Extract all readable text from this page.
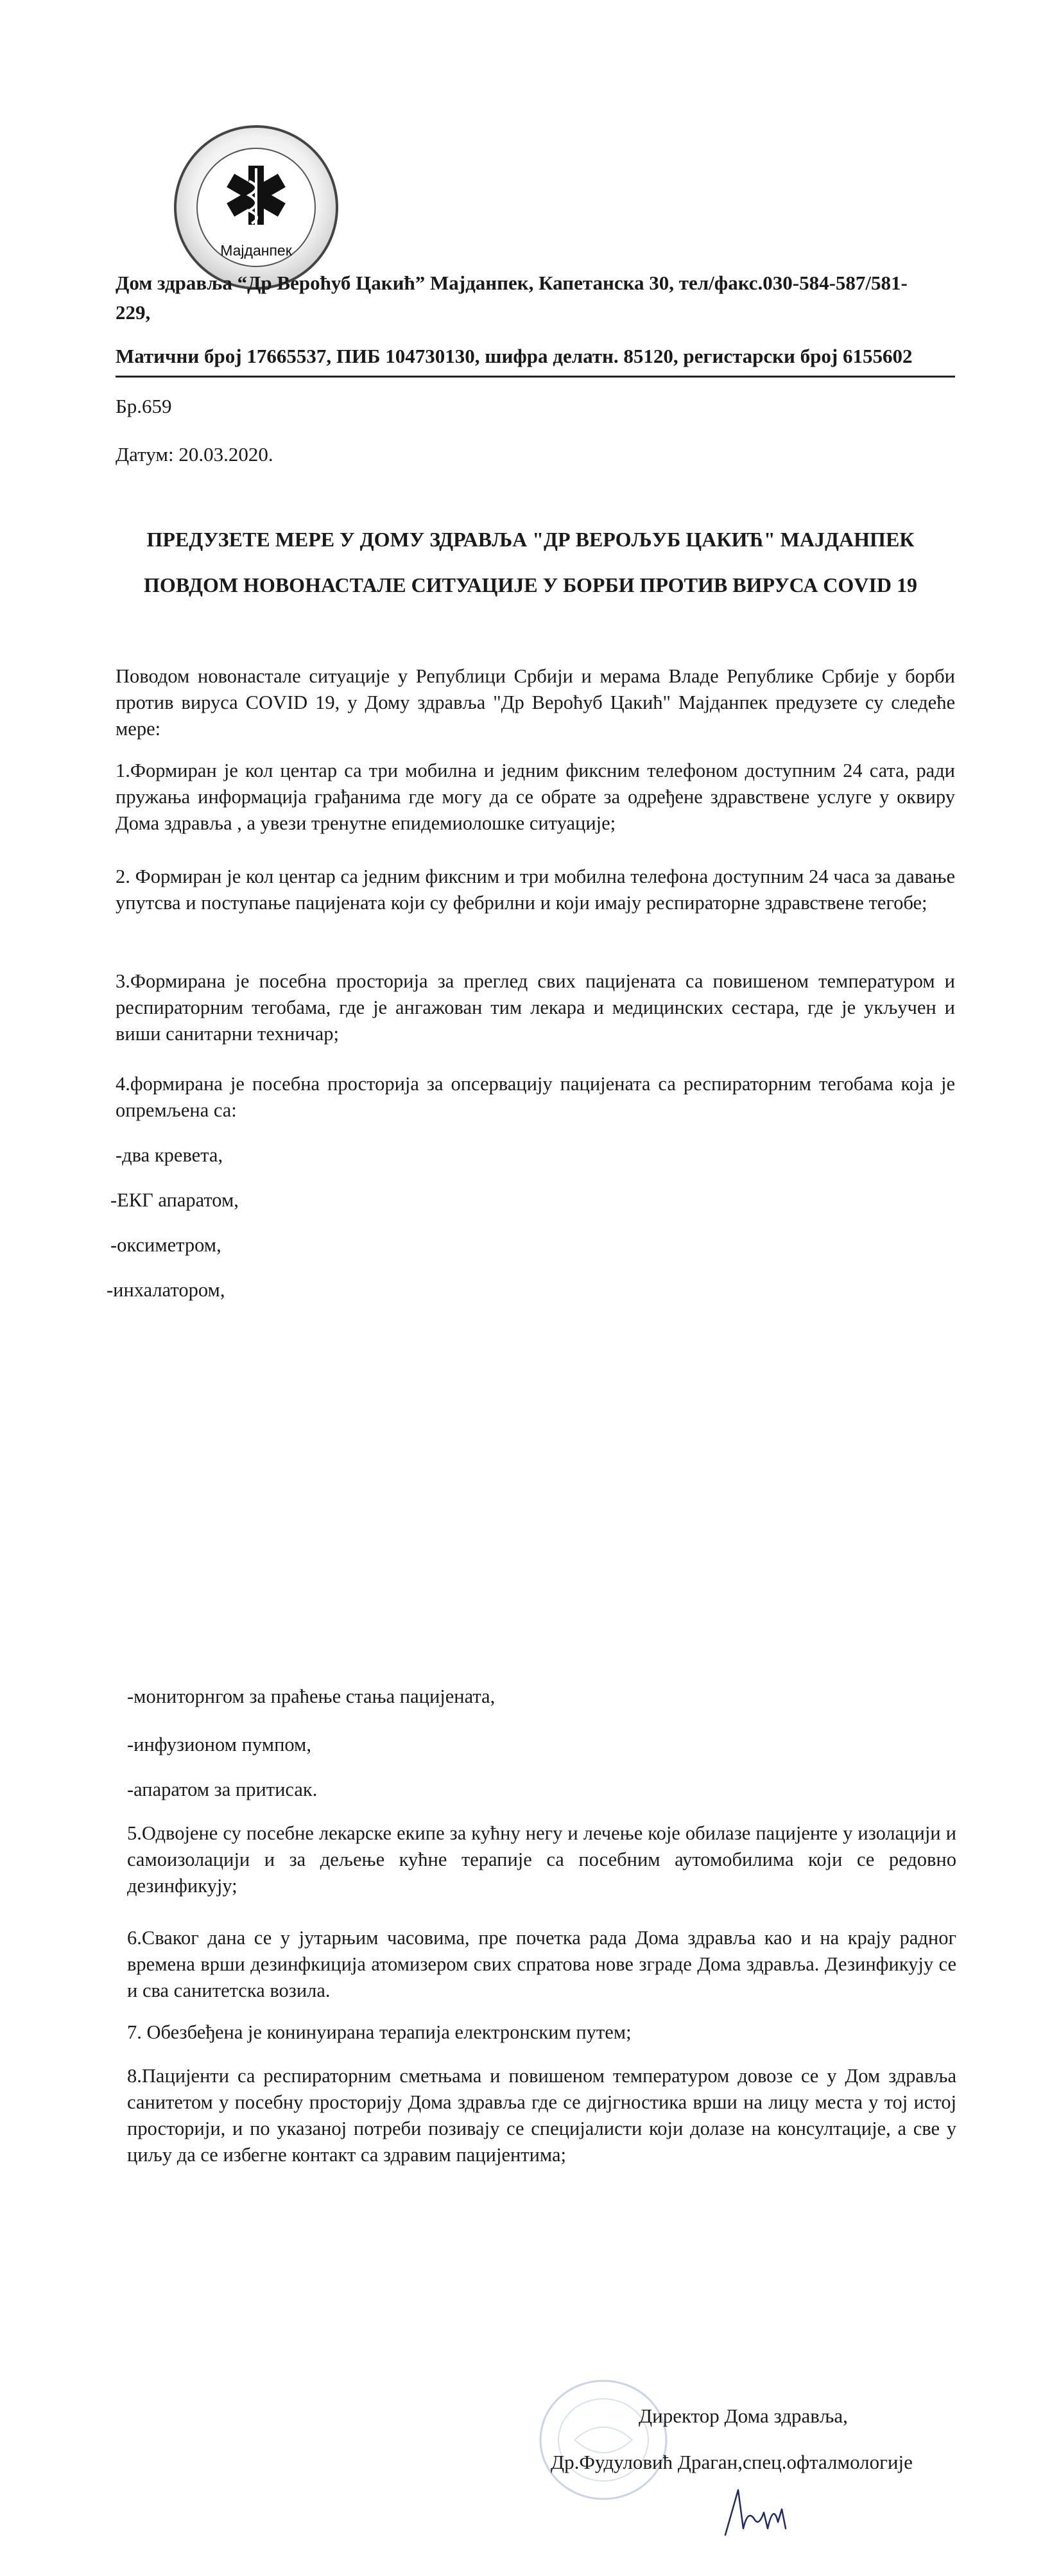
Мајданпек
Дом здравља “Др Вероћуб Цакић” Мајданпек, Капетанска 30, тел/факс.030-584-587/581-
229,
Матични број 17665537, ПИБ 104730130, шифра делатн. 85120, регистарски број 6155602
Бр.659
Датум: 20.03.2020.
ПРЕДУЗЕТЕ МЕРЕ У ДОМУ ЗДРАВЉА "ДР ВЕРОЉУБ ЦАКИЋ" МАЈДАНПЕК
ПОВДОМ НОВОНАСТАЛЕ СИТУАЦИЈЕ У БОРБИ ПРОТИВ ВИРУСА COVID 19
Поводом новонастале ситуације у Републици Србији и мерама Владе Републике Србије у борби против вируса COVID 19, у Дому здравља "Др Вероћуб Цакић" Мајданпек предузете су следеће мере:
1.Формиран је кол центар са три мобилна и једним фиксним телефоном доступним 24 сата, ради пружања информација грађанима где могу да се обрате за одређене здравствене услуге у оквиру Дома здравља , а увези тренутне епидемиолошке ситуације;
2. Формиран је кол центар са једним фиксним и три мобилна телефона доступним 24 часа за давање упутсва и поступање пацијената који су фебрилни и који имају респираторне здравствене тегобе;
3.Формирана је посебна просторија за преглед свих пацијената са повишеном температуром и респираторним тегобама, где је ангажован тим лекара и медицинских сестара, где је укључен и виши санитарни техничар;
4.формирана је посебна просторија за опсервацију пацијената са респираторним тегобама која је опремљена са:
-два кревета,
-ЕКГ апаратом,
-оксиметром,
-инхалатором,
-мониторнгом за праћење стања пацијената,
-инфузионом пумпом,
-апаратом за притисак.
5.Одвојене су посебне лекарске екипе за кућну негу и лечење које обилазе пацијенте у изолацији и самоизолацији и за дељење кућне терапије са посебним аутомобилима који се редовно дезинфикују;
6.Сваког дана се у јутарњим часовима, пре почетка рада Дома здравља као и на крају радног времена врши дезинфкиција атомизером свих спратова нове зграде Дома здравља. Дезинфикују се и сва санитетска возила.
7. Обезбеђена је конинуирана терапија електронским путем;
8.Пацијенти са респираторним сметњама и повишеном температуром довозе се у Дом здравља санитетом у посебну просторију Дома здравља где се дијгностика врши на лицу места у тој истој просторији, и по указаној потреби позивају се специјалисти који долазе на консултације, а све у циљу да се избегне контакт са здравим пацијентима;
Директор Дома здравља,
Др.Фудуловић Драган,спец.офталмологије
